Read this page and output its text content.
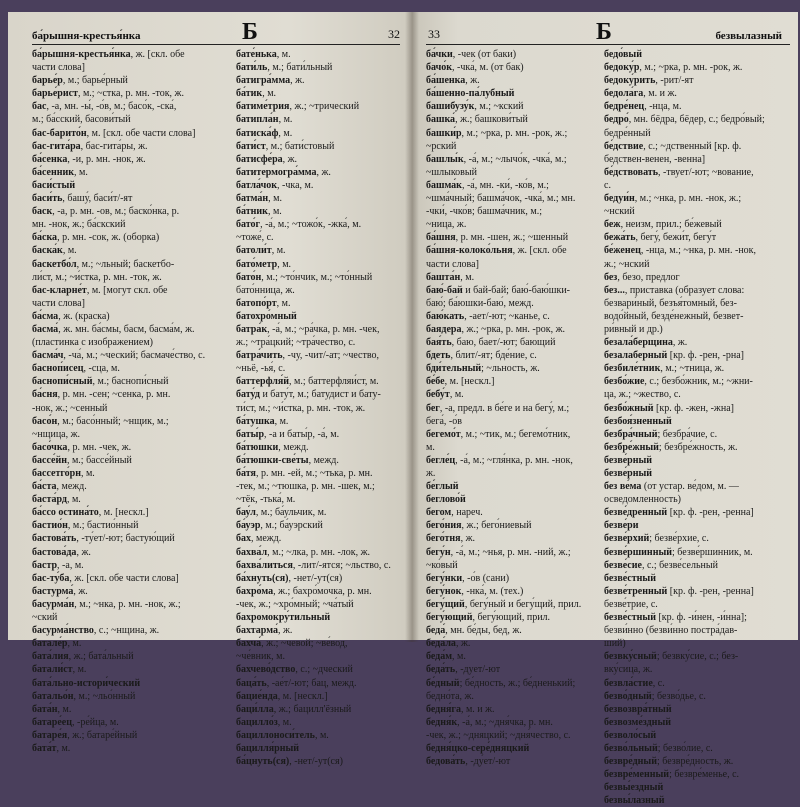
ба́рышня-крестья́нка	Б	32
ба́рышня-крестья́нка, ж. [скл. обе
части слова]
барье́р, м.; барье́рный
барье́рист, м.; ~стка, р. мн. -ток, ж.
бас, -а, мн. -ы́, -о́в, м.; басо́к, -ска́,
м.; ба́сский, басови́тый
бас-барито́н, м. [скл. обе части слова]
бас-гита́ра, бас-гита́ры, ж.
ба́сенка, -и, р. мн. -нок, ж.
ба́сенник, м.
баси́стый
баси́ть, башу́, баси́т/-ят
баск, -а, р. мн. -ов, м.; баско́нка, р.
мн. -нок, ж.; ба́скский
ба́ска, р. мн. -сок, ж. (оборка)
баска́к, м.
баскетбо́л, м.; ~льный; баскетбо-
ли́ст, м.; ~и́стка, р. мн. -ток, ж.
бас-кларне́т, м. [могут скл. обе
части слова]
ба́сма, ж. (краска)
басма́, ж. мн. ба́смы, басм, басма́м, ж.
(пластинка с изображением)
басма́ч, -ча́, м.; ~ческий; басмаче́ство, с.
басноп́исец, -сца, м.
баснопи́сный, м.; баснопи́сный
ба́сня, р. мн. -сен; ~сенка, р. мн.
-нок, ж.; ~сенный
басо́н, м.; басо́нный; ~нщик, м.;
~нщица, ж.
басо́чка, р. мн. -чек, ж.
бассе́йн, м.; бассе́йный
бассетго́рн, м.
ба́ста, межд.
баста́рд, м.
ба́ссо остина́то, м. [нескл.]
бастио́н, м.; бастио́нный
бастова́ть, -ту́ет/-ют; бастую́щий
бастова́да, ж.
бастр, -а, м.
бас-ту́ба, ж. [скл. обе части слова]
бастурма́, ж.
басурма́н, м.; ~нка, р. мн. -нок, ж.;
~ский
басурма́нство, с.; ~нщина, ж.
батале́р, м.
бата́лия, ж.; бата́льный
батали́ст, м.
бата́льно-истори́ческий
батальо́н, м.; ~льо́нный
бата́н, м.
батаре́ец, -ре́йца, м.
батаре́я, ж.; батаре́йный
бата́т, м.
бате́нька, м.
бати́ль, м.; бати́льный
батигра́мма, ж.
ба́тик, м.
батиме́трия, ж.; ~трический
батипла́н, м.
батиска́ф, м.
бати́ст, м.; бати́стовый
батисфе́ра, ж.
батитермогра́мма, ж.
батла́чок, -чка, м.
батма́н, м.
ба́тник, м.
бато́г, -а́, м.; ~тожо́к, -жка́, м.
~тоже́, с.
батоли́т, м.
бато́метр, м.
бато́н, м.; ~то́нчик, м.; ~то́нный
бато́нница, ж.
батопо́рт, м.
батохро́мный
батра́к, -а́, м.; ~ра́чка, р. мн. -чек,
ж.; ~тра́цкий; ~тра́чество, с.
батра́чить, -чу, -чит/-ат; ~чество,
~ньё, -ья́, с.
баттерфля́й, м.; баттерфляи́ст, м.
бату́д и бату́т, м.; батудист и бату-
ти́ст, м.; ~и́стка, р. мн. -ток, ж.
ба́тушка, м.
баты́р, -а и баты́р, -а́, м.
ба́тюшки, межд.
ба́тюшки-све́ты, межд.
ба́тя, р. мн. -ей, м.; ~тька, р. мн.
-тек, м.; ~тюшка, р. мн. -шек, м.;
~тёк, -тька́, м.
бау́л, м.; ба́ульчик, м.
ба́уэр, м.; ба́уэрский
бах, межд.
бахва́л, м.; ~лка, р. мн. -лок, ж.
бахва́литься, -лит/-ятся; ~льство, с.
ба́хнуть(ся), -нет/-ут(ся)
бахро́ма, ж.; бахро́мочка, р. мн.
-чек, ж.; ~хро́мный; ~ча́тый
бахромокру́тильный
бахтарма́, ж.
бахча́, ж.; ~чевой; ~ве́вод,
~че́вник, м.
бахчево́дство, с.; ~дческий
баца́ть, -ае́т/-ют; бац, межд.
бацие́нда, м. [нескл.]
баци́лла, ж.; бацилл'ёзный
бацилло́з, м.
бациллоноси́тель, м.
бацилля́рный
ба́цнуть(ся), -нет/-ут(ся)
33	Б	безвылазный
ба́чки, -чек (от баки)
бачо́к, -чка́, м. (от бак)
ба́шенка, ж.
ба́шенно-па́лубный
башибузу́к, м.; ~кский
башка́, ж.; башкови́тый
башки́р, м.; ~рка, р. мн. -рок, ж.;
~рский
башлы́к, -а́, м.; ~лычо́к, -чка́, м.;
~шлыковый
башма́к, -а́, мн. -ки́, -ко́в, м.;
~шма́чный; башма́чок, -чка́, м.; мн.
-чки́, -чко́в; башма́чник, м.;
~ница, ж.
ба́шня, р. мн. -шен, ж.; ~шенный
ба́шня-колоко́льня, ж. [скл. обе
части слова]
башта́н, м.
баю́-бай и бай-бай; баю́-баю́шки-
баю́; ба́юшки-баю́, межд.
баю́кать, -ает/-ют; ~канье, с.
баядера, ж.; ~рка, р. мн. -рок, ж.
бая́ть, баю, бает/-ют; бающий
бдеть, блит/-ят; бде́ние, с.
бди́тельный; ~льность, ж.
бе́бе, м. [нескл.]
бебу́т, м.
бег, -а, предл. в бе́ге и на бегу́, м.;
бега́, -о́в
бегемо́т, м.; ~тик, м.; бегемо́тник,
м.
бегле́ц, -а́, м.; ~гля́нка, р. мн. -нок,
ж.
бе́глый
беглово́й
бегом, нареч.
бего́ния, ж.; бего́ниевый
бего́тня, ж.
бегу́н, -а́, м.; ~нья, р. мн. -ний, ж.;
~ко́вый
бегу́нки, -о́в (сани)
бегу́нок, -нка́, м. (тех.)
бегу́щий, бегу́ный и бегу́щий, прил.
бегу́ющий, бегу́ющий, прил.
беда́, мн. бе́ды, бед, ж.
беда́ла, ж.
беда́м, м.
беда́ть, -дует/-ют
бе́дный; бе́дность, ж.; бе́дненький;
бедно́та, ж.
бедня́га, м. и ж.
бедня́к, -а́, м.; ~дня́чка, р. мн.
-чек, ж.; ~дняцкий; ~дня́чество, с.
бедня́цко-сере́дняцкий
бедова́ть, -ду́ет/-ют
бедо́вый
бедоку́р, м.; ~рка, р. мн. -рок, ж.
бедоку́рить, -рит/-ят
бедола́га, м. и ж.
бедре́нец, -нца, м.
бедро́, мн. бёдра, бёдер, с.; бедро́вый;
бедре́нный
бе́дствие, с.; ~дственный [кр. ф.
бедствен-венен, -венна]
бе́дствовать, -твует/-ют; ~вование,
с.
бедуи́н, м.; ~нка, р. мн. -нок, ж.;
~нский
беж, неизм, прил.; бе́жевый
бежа́ть, бегу́, бежи́т, бегу́т
бе́женец, -нца, м.; ~нка, р. мн. -нок,
ж.; ~нский
без, безо, предлог
без..., приставка (образует слова:
безвари́ный, безъя́томный, без-
водо́йный, безде́нежный, безвет-
ри́вный и др.)
безала́берщина, ж.
безалаберный [кр. ф. -рен, -рна]
безбиле́тник, м.; ~тница, ж.
безбо́жие, с.; безбо́жник, м.; ~жни-
ца, ж.; ~жество, с.
безбо́жный [кр. ф. -жен, -жна]
безбоя́зненный
безбра́чный; безбра́чие, с.
безбре́жный; безбре́жность, ж.
безве́рный
безве́рный
без ве́ма (от устар. ве́дом, м. —
осведомленность)
безве́дренный [кр. ф. -рен, -ренна]
безве́ри
безве́рхий; безве́рхие, с.
безве́ршинный; безве́ршинник, м.
безве́сие, с.; безве́сельный
безве́стный
безве́тренный [кр. ф. -рен, -ренна]
безве́трие, с.
безве́стный [кр. ф. -и́нен, -и́нна];
безви́нно (безви́нно постра́дав-
ший)
безвку́сный; безвку́сие, с.; без-
вку́сица, ж.
безвла́стие, с.
безво́дный; безво́дье, с.
безвозвра́тный
безвозме́здный
безволо́сый
безво́льный; безво́лие, с.
безвре́дный; безвре́дность, ж.
безвре́менный; безвре́менье, с.
безвы́ездный
безвы́лазный
